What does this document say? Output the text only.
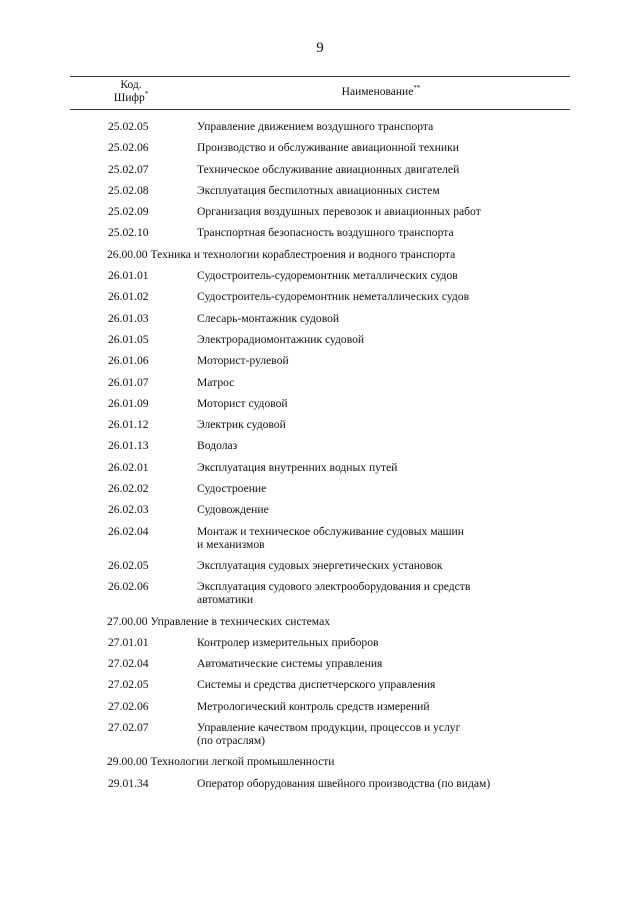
9
Код.
Шифр*	Наименование**
25.02.05	Управление движением воздушного транспорта
25.02.06	Производство и обслуживание авиационной техники
25.02.07	Техническое обслуживание авиационных двигателей
25.02.08	Эксплуатация беспилотных авиационных систем
25.02.09	Организация воздушных перевозок и авиационных работ
25.02.10	Транспортная безопасность воздушного транспорта
26.00.00 Техника и технологии кораблестроения и водного транспорта
26.01.01	Судостроитель-судоремонтник металлических судов
26.01.02	Судостроитель-судоремонтник неметаллических судов
26.01.03	Слесарь-монтажник судовой
26.01.05	Электрорадиомонтажник судовой
26.01.06	Моторист-рулевой
26.01.07	Матрос
26.01.09	Моторист судовой
26.01.12	Электрик судовой
26.01.13	Водолаз
26.02.01	Эксплуатация внутренних водных путей
26.02.02	Судостроение
26.02.03	Судовождение
26.02.04	Монтаж и техническое обслуживание судовых машин
и механизмов
26.02.05	Эксплуатация судовых энергетических установок
26.02.06	Эксплуатация судового электрооборудования и средств
автоматики
27.00.00 Управление в технических системах
27.01.01	Контролер измерительных приборов
27.02.04	Автоматические системы управления
27.02.05	Системы и средства диспетчерского управления
27.02.06	Метрологический контроль средств измерений
27.02.07	Управление качеством продукции, процессов и услуг
(по отраслям)
29.00.00 Технологии легкой промышленности
29.01.34	Оператор оборудования швейного производства (по видам)
